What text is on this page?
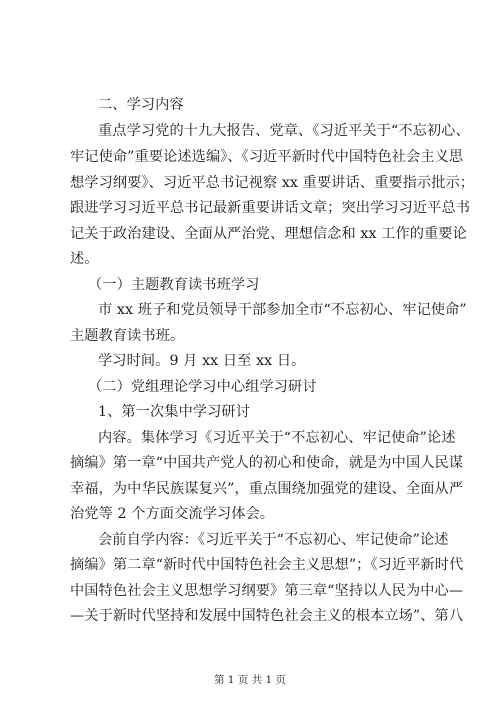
二、学习内容
重点学习党的十九大报告、党章、《习近平关于“不忘初心、
牢记使命”重要论述选编》、《习近平新时代中国特色社会主义思
想学习纲要》、习近平总书记视察 xx 重要讲话、重要指示批示；
跟进学习习近平总书记最新重要讲话文章；突出学习习近平总书
记关于政治建设、全面从严治党、理想信念和 xx 工作的重要论
述。
（一）主题教育读书班学习
市 xx 班子和党员领导干部参加全市“不忘初心、牢记使命”
主题教育读书班。
学习时间。9 月 xx 日至 xx 日。
（二）党组理论学习中心组学习研讨
1、第一次集中学习研讨
内容。集体学习《习近平关于“不忘初心、牢记使命”论述
摘编》第一章“中国共产党人的初心和使命，就是为中国人民谋
幸福，为中华民族谋复兴”，重点围绕加强党的建设、全面从严
治党等 2 个方面交流学习体会。
会前自学内容：《习近平关于“不忘初心、牢记使命”论述
摘编》第二章“新时代中国特色社会主义思想”；《习近平新时代
中国特色社会主义思想学习纲要》第三章“坚持以人民为中心—
—关于新时代坚持和发展中国特色社会主义的根本立场”、第八
第 1 页 共 1 页
